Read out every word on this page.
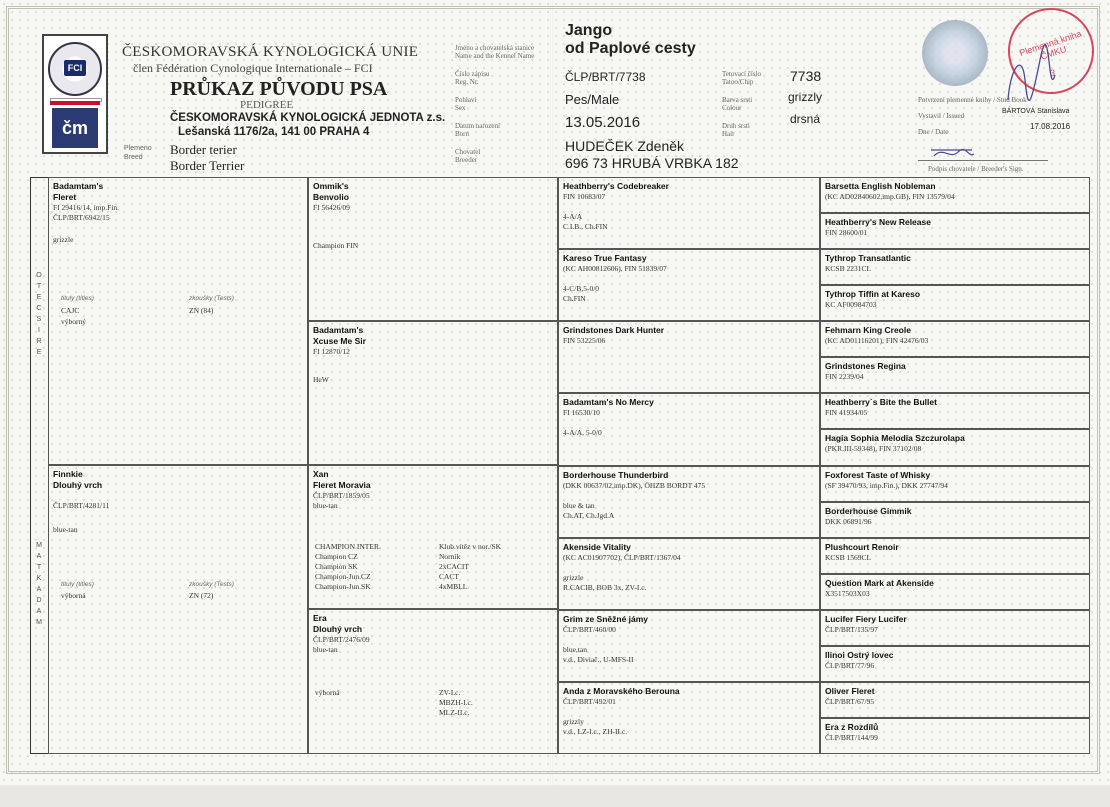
FCI
čm
ČESKOMORAVSKÁ KYNOLOGICKÁ UNIE
člen Fédération Cynologique Internationale – FCI
PRŮKAZ PŮVODU PSA
PEDIGREE
ČESKOMORAVSKÁ KYNOLOGICKÁ JEDNOTA z.s.
Lešanská 1176/2a, 141 00 PRAHA 4
Plemeno
Breed
Border terier
Border Terrier
Jméno a chovatelská stanice
Name and the Kennel Name
Číslo zápisu
Reg. Nr.
Pohlaví
Sex
Datum narození
Born
Chovatel
Breeder
Jango
od Paplové cesty
ČLP/BRT/7738
Pes/Male
13.05.2016
HUDEČEK Zdeněk
696 73 HRUBÁ VRBKA 182
Tetovací číslo
Tatoo/Chip	7738
Barva srsti
Colour
grizzly
Druh srsti
Hair
drsná
Plemenná kniha ČMKU
3
Potvrzení plemenné knihy / Stud Book
Vystavil / Issued
BÁRTOVÁ Stanislava
Dne / Date
17.08.2016
Podpis chovatele / Breeder's Sign.
O T E C     S I R E
M A T K A     D A M
Badamtam's
Fleret
FI 29416/14, imp.Fin.
ČLP/BRT/6942/15
grizzle
tituly (titles)	zkoušky (Tests)
CAJC	ZN (84)
výborný
Finnkie
Dlouhý vrch
ČLP/BRT/4281/11
blue-tan
tituly (titles)	zkoušky (Tests)
výborná	ZN (72)
Ommik's
Benvolio
FI 56426/09
Champion FIN
Badamtam's
Xcuse Me Sir
FI 12870/12
HeW
Xan
Fleret Moravia
ČLP/BRT/1859/05
blue-tan
CHAMPION INTER.
Champion CZ
Champion SK
Champion-Jun.CZ
Champion-Jun.SK
Klub.vítěz v nor./SK
Norník
2xCACIT
CACT
4xMBLL
Era
Dlouhý vrch
ČLP/BRT/2476/09
blue-tan
výborná	ZV-I.c.
MBZH-I.c.
MLZ-II.c.
Heathberry's Codebreaker
FIN 10683/07
4-A/A
C.I.B., Ch.FIN
Kareso True Fantasy
(KC AH00812606), FIN 51839/07
4-C/B,5-0/0
Ch.FIN
Grindstones Dark Hunter
FIN 53225/06
Badamtam's No Mercy
FI 16530/10
4-A/A, 5-0/0
Borderhouse Thunderbird
(DKK 00637/02,imp.DK), ÖHZB BORDT 475
blue & tan
Ch.AT, Ch.Jgd.A
Akenside Vitality
(KC AC01907702), ČLP/BRT/1367/04
grizzle
R.CACIB, BOB 3x, ZV-I.c.
Grim ze Sněžné jámy
ČLP/BRT/460/00
blue,tan
v.d., Diviač., U-MFS-II
Anda z Moravského Berouna
ČLP/BRT/492/01
grizzly
v.d., LZ-I.c., ZH-II.c.
Barsetta English Nobleman
(KC AD02840602,imp.GB), FIN 13579/04
Heathberry's New Release
FIN 28600/01
Tythrop Transatlantic
KCSB 2231CL
Tythrop Tiffin at Kareso
KC AF00984703
Fehmarn King Creole
(KC AD01116201), FIN 42476/03
Grindstones Regina
FIN 2239/04
Heathberry`s Bite the Bullet
FIN 41934/05
Hagia Sophia Melodia Szczurolapa
(PKR.III-59348), FIN 37102/08
Foxforest Taste of Whisky
(SF 39470/93, imp.Fin.), DKK 27747/94
Borderhouse Gimmik
DKK 06891/96
Plushcourt Renoir
KCSB 1569CL
Question Mark at Akenside
X3517503X03
Lucifer Fiery Lucifer
ČLP/BRT/135/97
Ilinoi Ostrý lovec
ČLP/BRT/77/96
Oliver Fleret
ČLP/BRT/67/95
Era z Rozdílů
ČLP/BRT/144/99
